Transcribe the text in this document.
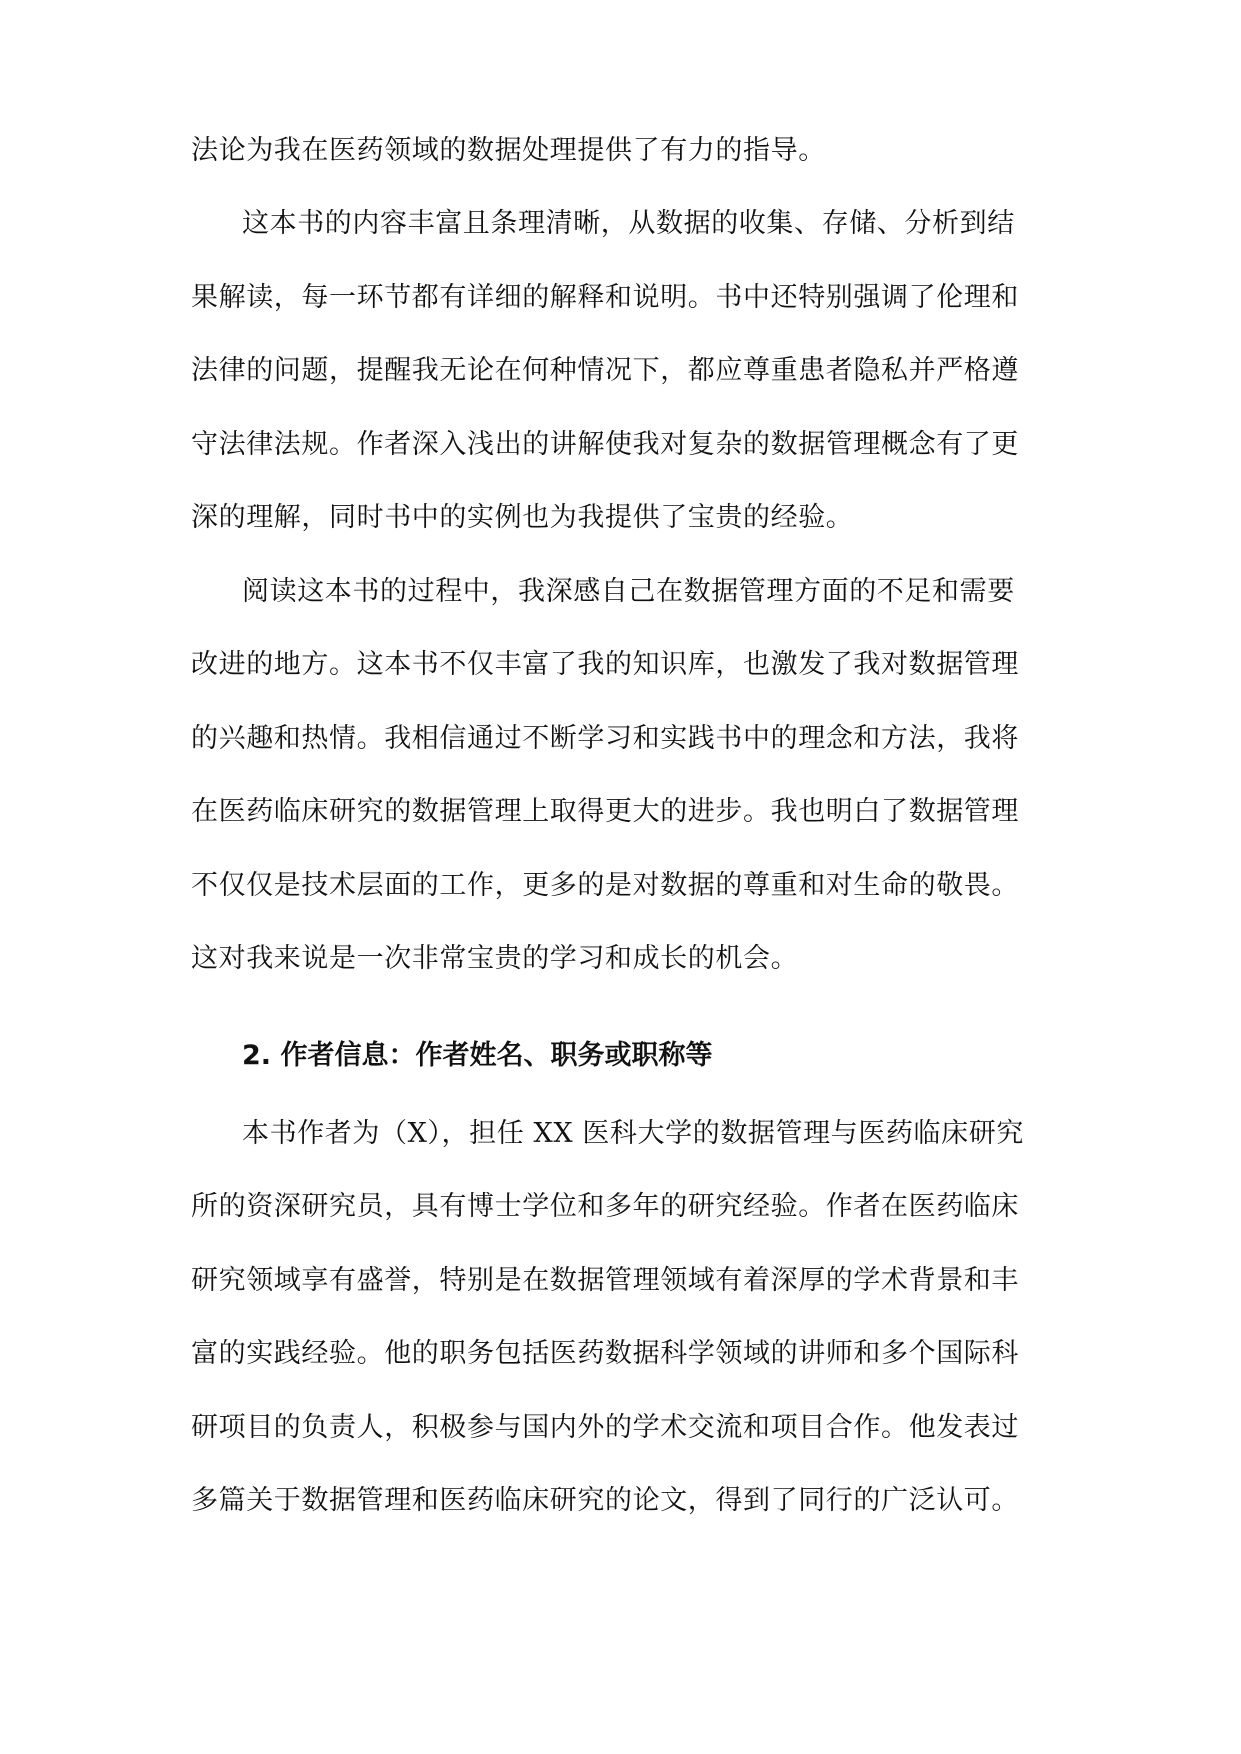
法论为我在医药领域的数据处理提供了有力的指导。
这本书的内容丰富且条理清晰，从数据的收集、存储、分析到结
果解读，每一环节都有详细的解释和说明。书中还特别强调了伦理和
法律的问题，提醒我无论在何种情况下，都应尊重患者隐私并严格遵
守法律法规。作者深入浅出的讲解使我对复杂的数据管理概念有了更
深的理解，同时书中的实例也为我提供了宝贵的经验。
阅读这本书的过程中，我深感自己在数据管理方面的不足和需要
改进的地方。这本书不仅丰富了我的知识库，也激发了我对数据管理
的兴趣和热情。我相信通过不断学习和实践书中的理念和方法，我将
在医药临床研究的数据管理上取得更大的进步。我也明白了数据管理
不仅仅是技术层面的工作，更多的是对数据的尊重和对生命的敬畏。
这对我来说是一次非常宝贵的学习和成长的机会。
2. 作者信息：作者姓名、职务或职称等
本书作者为（X），担任 XX 医科大学的数据管理与医药临床研究
所的资深研究员，具有博士学位和多年的研究经验。作者在医药临床
研究领域享有盛誉，特别是在数据管理领域有着深厚的学术背景和丰
富的实践经验。他的职务包括医药数据科学领域的讲师和多个国际科
研项目的负责人，积极参与国内外的学术交流和项目合作。他发表过
多篇关于数据管理和医药临床研究的论文，得到了同行的广泛认可。
